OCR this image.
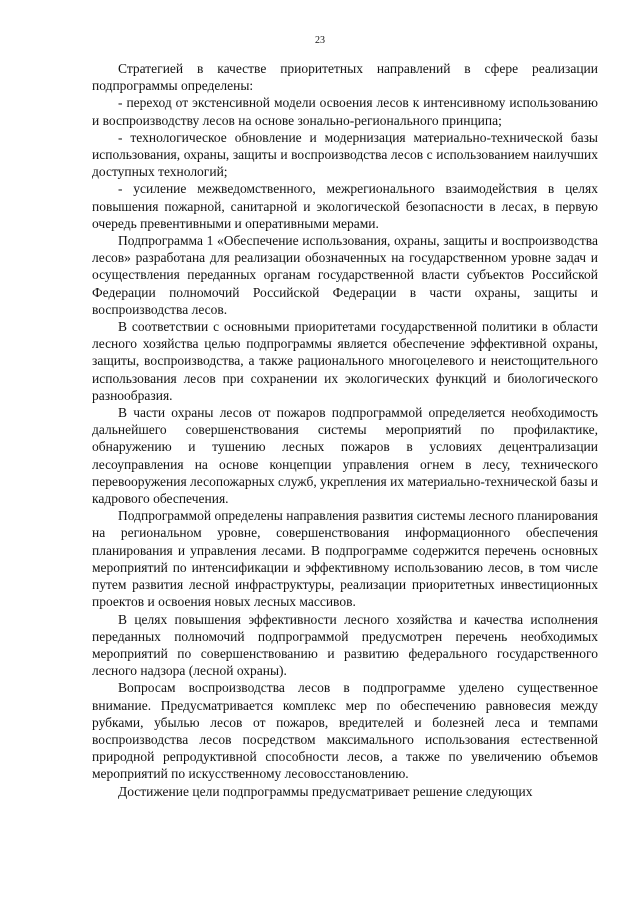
23

Стратегией в качестве приоритетных направлений в сфере реализации подпрограммы определены:

- переход от экстенсивной модели освоения лесов к интенсивному использованию и воспроизводству лесов на основе зонально-регионального принципа;

- технологическое обновление и модернизация материально-технической базы использования, охраны, защиты и воспроизводства лесов с использованием наилучших доступных технологий;

- усиление межведомственного, межрегионального взаимодействия в целях повышения пожарной, санитарной и экологической безопасности в лесах, в первую очередь превентивными и оперативными мерами.

Подпрограмма 1 «Обеспечение использования, охраны, защиты и воспроизводства лесов» разработана для реализации обозначенных на государственном уровне задач и осуществления переданных органам государственной власти субъектов Российской Федерации полномочий Российской Федерации в части охраны, защиты и воспроизводства лесов.

В соответствии с основными приоритетами государственной политики в области лесного хозяйства целью подпрограммы является обеспечение эффективной охраны, защиты, воспроизводства, а также рационального многоцелевого и неистощительного использования лесов при сохранении их экологических функций и биологического разнообразия.

В части охраны лесов от пожаров подпрограммой определяется необходимость дальнейшего совершенствования системы мероприятий по профилактике, обнаружению и тушению лесных пожаров в условиях децентрализации лесоуправления на основе концепции управления огнем в лесу, технического перевооружения лесопожарных служб, укрепления их материально-технической базы и кадрового обеспечения.

Подпрограммой определены направления развития системы лесного планирования на региональном уровне, совершенствования информационного обеспечения планирования и управления лесами. В подпрограмме содержится перечень основных мероприятий по интенсификации и эффективному использованию лесов, в том числе путем развития лесной инфраструктуры, реализации приоритетных инвестиционных проектов и освоения новых лесных массивов.

В целях повышения эффективности лесного хозяйства и качества исполнения переданных полномочий подпрограммой предусмотрен перечень необходимых мероприятий по совершенствованию и развитию федерального государственного лесного надзора (лесной охраны).

Вопросам воспроизводства лесов в подпрограмме уделено существенное внимание. Предусматривается комплекс мер по обеспечению равновесия между рубками, убылью лесов от пожаров, вредителей и болезней леса и темпами воспроизводства лесов посредством максимального использования естественной природной репродуктивной способности лесов, а также по увеличению объемов мероприятий по искусственному лесовосстановлению.

Достижение цели подпрограммы предусматривает решение следующих
